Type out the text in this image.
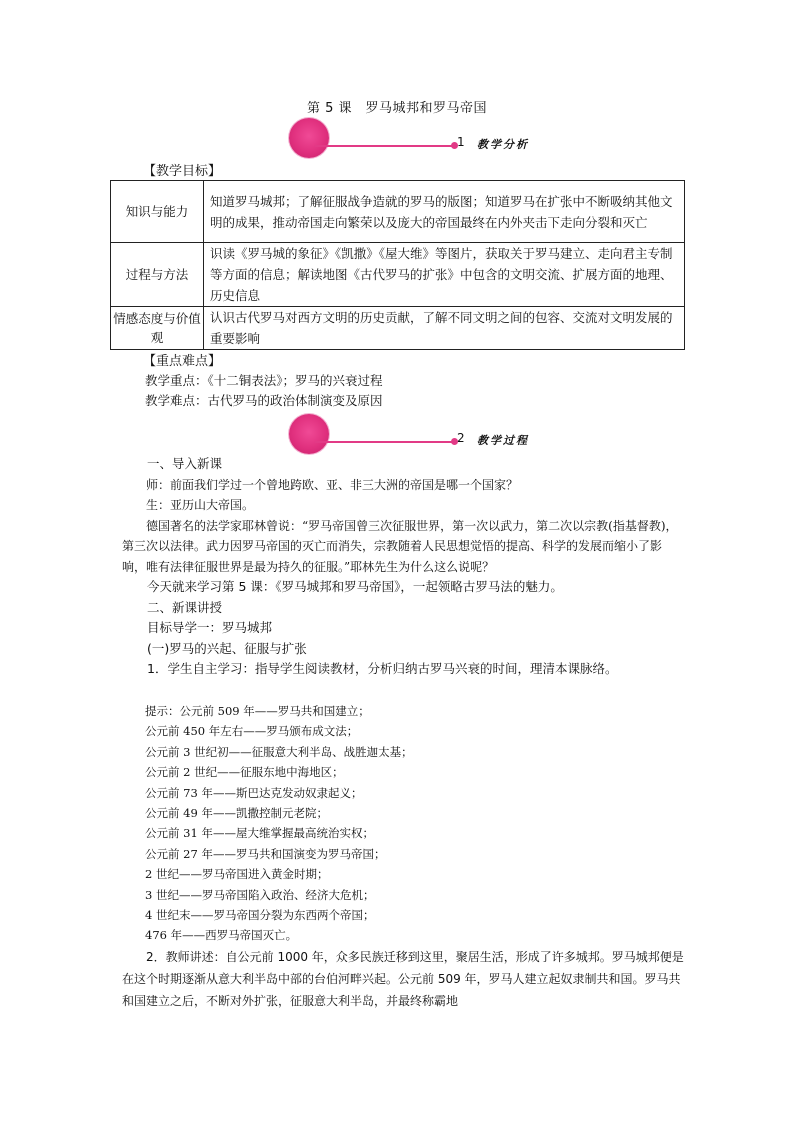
第 5 课　罗马城邦和罗马帝国
1 教学分析
【教学目标】
知识与能力	知道罗马城邦；了解征服战争造就的罗马的版图；知道罗马在扩张中不断吸纳其他文明的成果，推动帝国走向繁荣以及庞大的帝国最终在内外夹击下走向分裂和灭亡
过程与方法	识读《罗马城的象征》《凯撒》《屋大维》等图片，获取关于罗马建立、走向君主专制等方面的信息；解读地图《古代罗马的扩张》中包含的文明交流、扩展方面的地理、历史信息
情感态度与价值观	认识古代罗马对西方文明的历史贡献，了解不同文明之间的包容、交流对文明发展的重要影响
【重点难点】
教学重点：《十二铜表法》；罗马的兴衰过程
教学难点：古代罗马的政治体制演变及原因
2 教学过程

一、导入新课

师：前面我们学过一个曾地跨欧、亚、非三大洲的帝国是哪一个国家？

生：亚历山大帝国。

德国著名的法学家耶林曾说：“罗马帝国曾三次征服世界，第一次以武力，第二次以宗教(指基督教)，第三次以法律。武力因罗马帝国的灭亡而消失，宗教随着人民思想觉悟的提高、科学的发展而缩小了影响，唯有法律征服世界是最为持久的征服。”耶林先生为什么这么说呢？

今天就来学习第 5 课：《罗马城邦和罗马帝国》，一起领略古罗马法的魅力。

二、新课讲授

目标导学一：罗马城邦

(一)罗马的兴起、征服与扩张

1．学生自主学习：指导学生阅读教材，分析归纳古罗马兴衰的时间，理清本课脉络。

提示：公元前 509 年——罗马共和国建立；
公元前 450 年左右——罗马颁布成文法；
公元前 3 世纪初——征服意大利半岛、战胜迦太基；
公元前 2 世纪——征服东地中海地区；
公元前 73 年——斯巴达克发动奴隶起义；
公元前 49 年——凯撒控制元老院；
公元前 31 年——屋大维掌握最高统治实权；
公元前 27 年——罗马共和国演变为罗马帝国；
2 世纪——罗马帝国进入黄金时期；
3 世纪——罗马帝国陷入政治、经济大危机；
4 世纪末——罗马帝国分裂为东西两个帝国；
476 年——西罗马帝国灭亡。
2．教师讲述：自公元前 1000 年，众多民族迁移到这里，聚居生活，形成了许多城邦。罗马城邦便是在这个时期逐渐从意大利半岛中部的台伯河畔兴起。公元前 509 年，罗马人建立起奴隶制共和国。罗马共和国建立之后，不断对外扩张，征服意大利半岛，并最终称霸地
